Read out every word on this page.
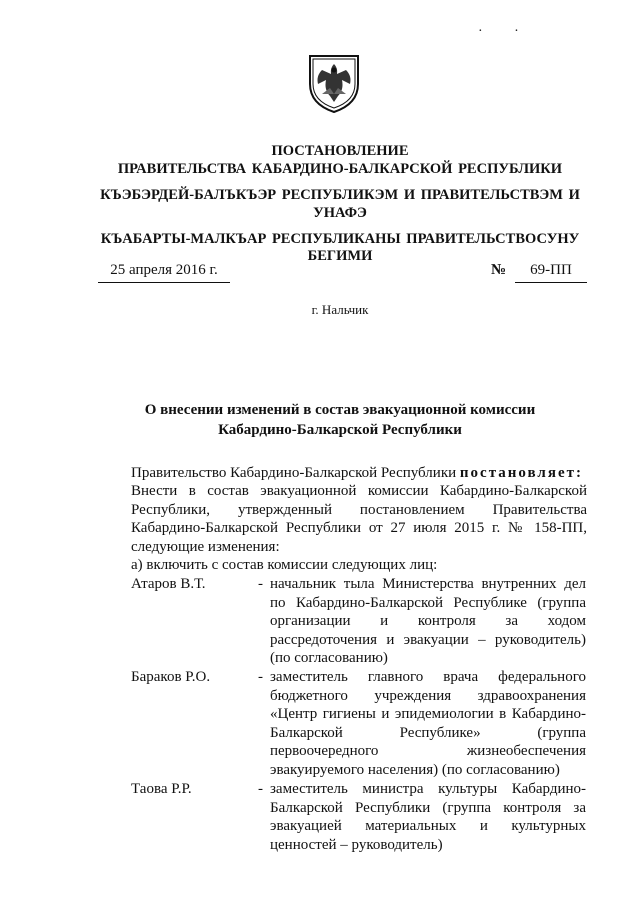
· ·
ПОСТАНОВЛЕНИЕ
ПРАВИТЕЛЬСТВА КАБАРДИНО-БАЛКАРСКОЙ РЕСПУБЛИКИ
КЪЭБЭРДЕЙ-БАЛЪКЪЭР РЕСПУБЛИКЭМ И ПРАВИТЕЛЬСТВЭМ И
УНАФЭ
КЪАБАРТЫ-МАЛКЪАР РЕСПУБЛИКАНЫ ПРАВИТЕЛЬСТВОСУНУ
БЕГИМИ
25 апреля 2016 г.	№	69-ПП
г. Нальчик
О внесении изменений в состав эвакуационной комиссии
Кабардино-Балкарской Республики
Правительство Кабардино-Балкарской Республики постановляет:
Внести в состав эвакуационной комиссии Кабардино-Балкарской Республики, утвержденный постановлением Правительства Кабардино-Балкарской Республики от 27 июля 2015 г. № 158-ПП, следующие изменения:
а) включить с состав комиссии следующих лиц:
Атаров В.Т.	- начальник тыла Министерства внутренних дел по Кабардино-Балкарской Республике (группа организации и контроля за ходом рассредоточения и эвакуации – руководитель) (по согласованию)
Бараков Р.О.	- заместитель главного врача федерального бюджетного учреждения здравоохранения «Центр гигиены и эпидемиологии в Кабардино-Балкарской Республике» (группа первоочередного жизнеобеспечения эвакуируемого населения) (по согласованию)
Таова Р.Р.	- заместитель министра культуры Кабардино-Балкарской Республики (группа контроля за эвакуацией материальных и культурных ценностей – руководитель)
